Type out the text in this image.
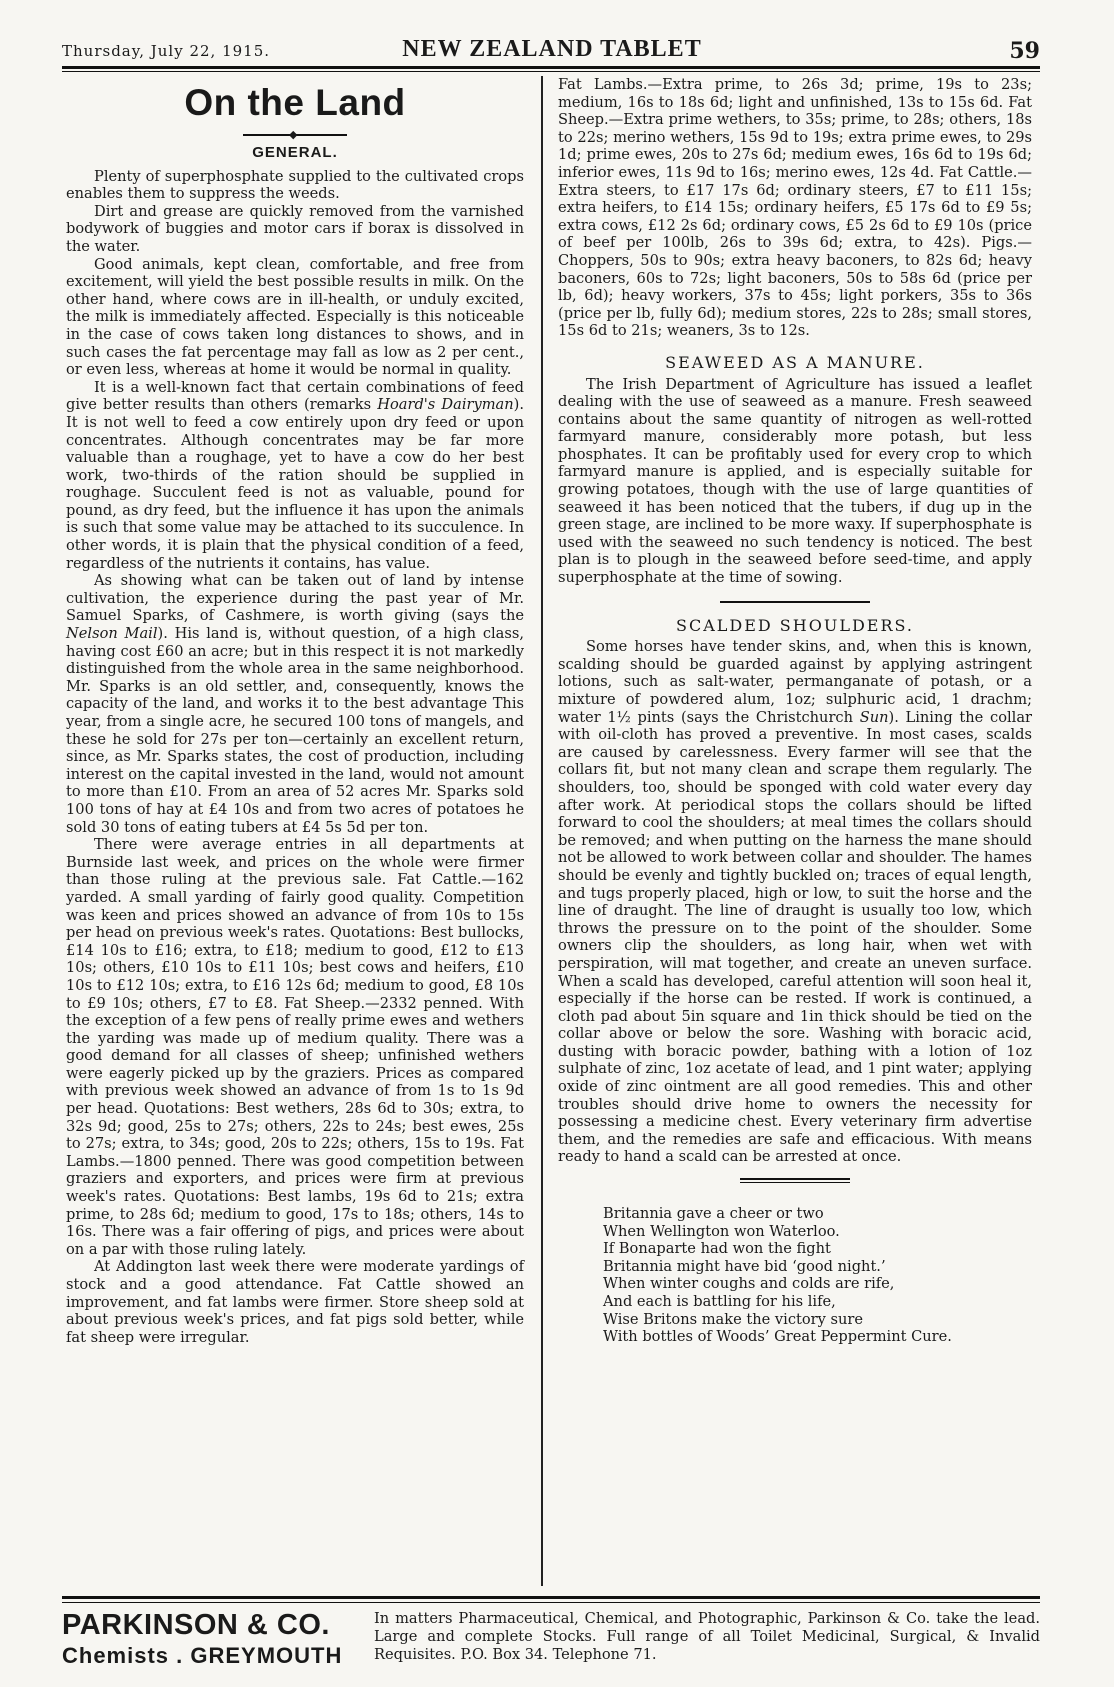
Thursday, July 22, 1915.	NEW ZEALAND TABLET	59
On the Land
◆
GENERAL.

Plenty of superphosphate supplied to the cultivated crops enables them to suppress the weeds.

Dirt and grease are quickly removed from the varnished bodywork of buggies and motor cars if borax is dissolved in the water.

Good animals, kept clean, comfortable, and free from excitement, will yield the best possible results in milk. On the other hand, where cows are in ill-health, or unduly excited, the milk is immediately affected. Especially is this noticeable in the case of cows taken long distances to shows, and in such cases the fat percentage may fall as low as 2 per cent., or even less, whereas at home it would be normal in quality.

It is a well-known fact that certain combinations of feed give better results than others (remarks Hoard's Dairyman). It is not well to feed a cow entirely upon dry feed or upon concentrates. Although concentrates may be far more valuable than a roughage, yet to have a cow do her best work, two-thirds of the ration should be supplied in roughage. Succulent feed is not as valuable, pound for pound, as dry feed, but the influence it has upon the animals is such that some value may be attached to its succulence. In other words, it is plain that the physical condition of a feed, regardless of the nutrients it contains, has value.

As showing what can be taken out of land by intense cultivation, the experience during the past year of Mr. Samuel Sparks, of Cashmere, is worth giving (says the Nelson Mail). His land is, without question, of a high class, having cost £60 an acre; but in this respect it is not markedly distinguished from the whole area in the same neighborhood. Mr. Sparks is an old settler, and, consequently, knows the capacity of the land, and works it to the best advantage This year, from a single acre, he secured 100 tons of mangels, and these he sold for 27s per ton—certainly an excellent return, since, as Mr. Sparks states, the cost of production, including interest on the capital invested in the land, would not amount to more than £10. From an area of 52 acres Mr. Sparks sold 100 tons of hay at £4 10s and from two acres of potatoes he sold 30 tons of eating tubers at £4 5s 5d per ton.

There were average entries in all departments at Burnside last week, and prices on the whole were firmer than those ruling at the previous sale. Fat Cattle.—162 yarded. A small yarding of fairly good quality. Competition was keen and prices showed an advance of from 10s to 15s per head on previous week's rates. Quotations: Best bullocks, £14 10s to £16; extra, to £18; medium to good, £12 to £13 10s; others, £10 10s to £11 10s; best cows and heifers, £10 10s to £12 10s; extra, to £16 12s 6d; medium to good, £8 10s to £9 10s; others, £7 to £8. Fat Sheep.—2332 penned. With the exception of a few pens of really prime ewes and wethers the yarding was made up of medium quality. There was a good demand for all classes of sheep; unfinished wethers were eagerly picked up by the graziers. Prices as compared with previous week showed an advance of from 1s to 1s 9d per head. Quotations: Best wethers, 28s 6d to 30s; extra, to 32s 9d; good, 25s to 27s; others, 22s to 24s; best ewes, 25s to 27s; extra, to 34s; good, 20s to 22s; others, 15s to 19s. Fat Lambs.—1800 penned. There was good competition between graziers and exporters, and prices were firm at previous week's rates. Quotations: Best lambs, 19s 6d to 21s; extra prime, to 28s 6d; medium to good, 17s to 18s; others, 14s to 16s. There was a fair offering of pigs, and prices were about on a par with those ruling lately.

At Addington last week there were moderate yardings of stock and a good attendance. Fat Cattle showed an improvement, and fat lambs were firmer. Store sheep sold at about previous week's prices, and fat pigs sold better, while fat sheep were irregular.

Fat Lambs.—Extra prime, to 26s 3d; prime, 19s to 23s; medium, 16s to 18s 6d; light and unfinished, 13s to 15s 6d. Fat Sheep.—Extra prime wethers, to 35s; prime, to 28s; others, 18s to 22s; merino wethers, 15s 9d to 19s; extra prime ewes, to 29s 1d; prime ewes, 20s to 27s 6d; medium ewes, 16s 6d to 19s 6d; inferior ewes, 11s 9d to 16s; merino ewes, 12s 4d. Fat Cattle.—Extra steers, to £17 17s 6d; ordinary steers, £7 to £11 15s; extra heifers, to £14 15s; ordinary heifers, £5 17s 6d to £9 5s; extra cows, £12 2s 6d; ordinary cows, £5 2s 6d to £9 10s (price of beef per 100lb, 26s to 39s 6d; extra, to 42s). Pigs.—Choppers, 50s to 90s; extra heavy baconers, to 82s 6d; heavy baconers, 60s to 72s; light baconers, 50s to 58s 6d (price per lb, 6d); heavy workers, 37s to 45s; light porkers, 35s to 36s (price per lb, fully 6d); medium stores, 22s to 28s; small stores, 15s 6d to 21s; weaners, 3s to 12s.

SEAWEED AS A MANURE.

The Irish Department of Agriculture has issued a leaflet dealing with the use of seaweed as a manure. Fresh seaweed contains about the same quantity of nitrogen as well-rotted farmyard manure, considerably more potash, but less phosphates. It can be profitably used for every crop to which farmyard manure is applied, and is especially suitable for growing potatoes, though with the use of large quantities of seaweed it has been noticed that the tubers, if dug up in the green stage, are inclined to be more waxy. If superphosphate is used with the seaweed no such tendency is noticed. The best plan is to plough in the seaweed before seed-time, and apply superphosphate at the time of sowing.

SCALDED SHOULDERS.

Some horses have tender skins, and, when this is known, scalding should be guarded against by applying astringent lotions, such as salt-water, permanganate of potash, or a mixture of powdered alum, 1oz; sulphuric acid, 1 drachm; water 1½ pints (says the Christchurch Sun). Lining the collar with oil-cloth has proved a preventive. In most cases, scalds are caused by carelessness. Every farmer will see that the collars fit, but not many clean and scrape them regularly. The shoulders, too, should be sponged with cold water every day after work. At periodical stops the collars should be lifted forward to cool the shoulders; at meal times the collars should be removed; and when putting on the harness the mane should not be allowed to work between collar and shoulder. The hames should be evenly and tightly buckled on; traces of equal length, and tugs properly placed, high or low, to suit the horse and the line of draught. The line of draught is usually too low, which throws the pressure on to the point of the shoulder. Some owners clip the shoulders, as long hair, when wet with perspiration, will mat together, and create an uneven surface. When a scald has developed, careful attention will soon heal it, especially if the horse can be rested. If work is continued, a cloth pad about 5in square and 1in thick should be tied on the collar above or below the sore. Washing with boracic acid, dusting with boracic powder, bathing with a lotion of 1oz sulphate of zinc, 1oz acetate of lead, and 1 pint water; applying oxide of zinc ointment are all good remedies. This and other troubles should drive home to owners the necessity for possessing a medicine chest. Every veterinary firm advertise them, and the remedies are safe and efficacious. With means ready to hand a scald can be arrested at once.

Britannia gave a cheer or two
When Wellington won Waterloo.
If Bonaparte had won the fight
Britannia might have bid ‘good night.’
When winter coughs and colds are rife,
And each is battling for his life,
Wise Britons make the victory sure
With bottles of Woods’ Great Peppermint Cure.
PARKINSON & CO.
Chemists . GREYMOUTH
In matters Pharmaceutical, Chemical, and Photographic, Parkinson & Co. take the lead. Large and complete Stocks. Full range of all Toilet Medicinal, Surgical, & Invalid Requisites. P.O. Box 34. Telephone 71.
